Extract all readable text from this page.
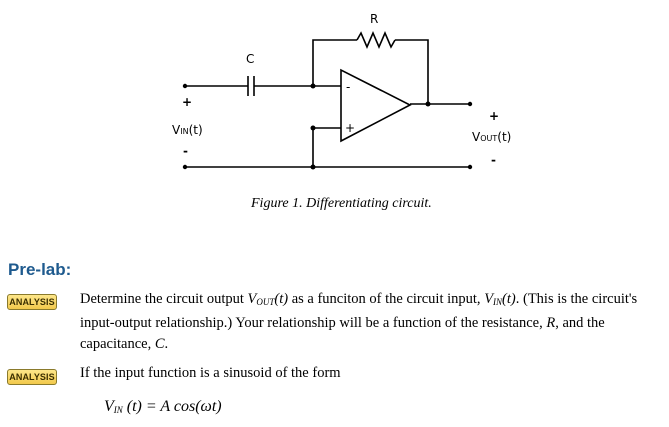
R
C
+
-
VIN(t)
+
-
VOUT(t)
-
+
Figure 1. Differentiating circuit.
Pre-lab:
ANALYSIS Determine the circuit output $V_{OUT}(t)$ as a funciton of the circuit input, $V_{IN}(t)$. (This is the circuit's input-output relationship.) Your relationship will be a function of the resistance, R, and the capacitance, C.
ANALYSIS If the input function is a sinusoid of the form
$V_{IN}$ (t) = A cos(ωt)
